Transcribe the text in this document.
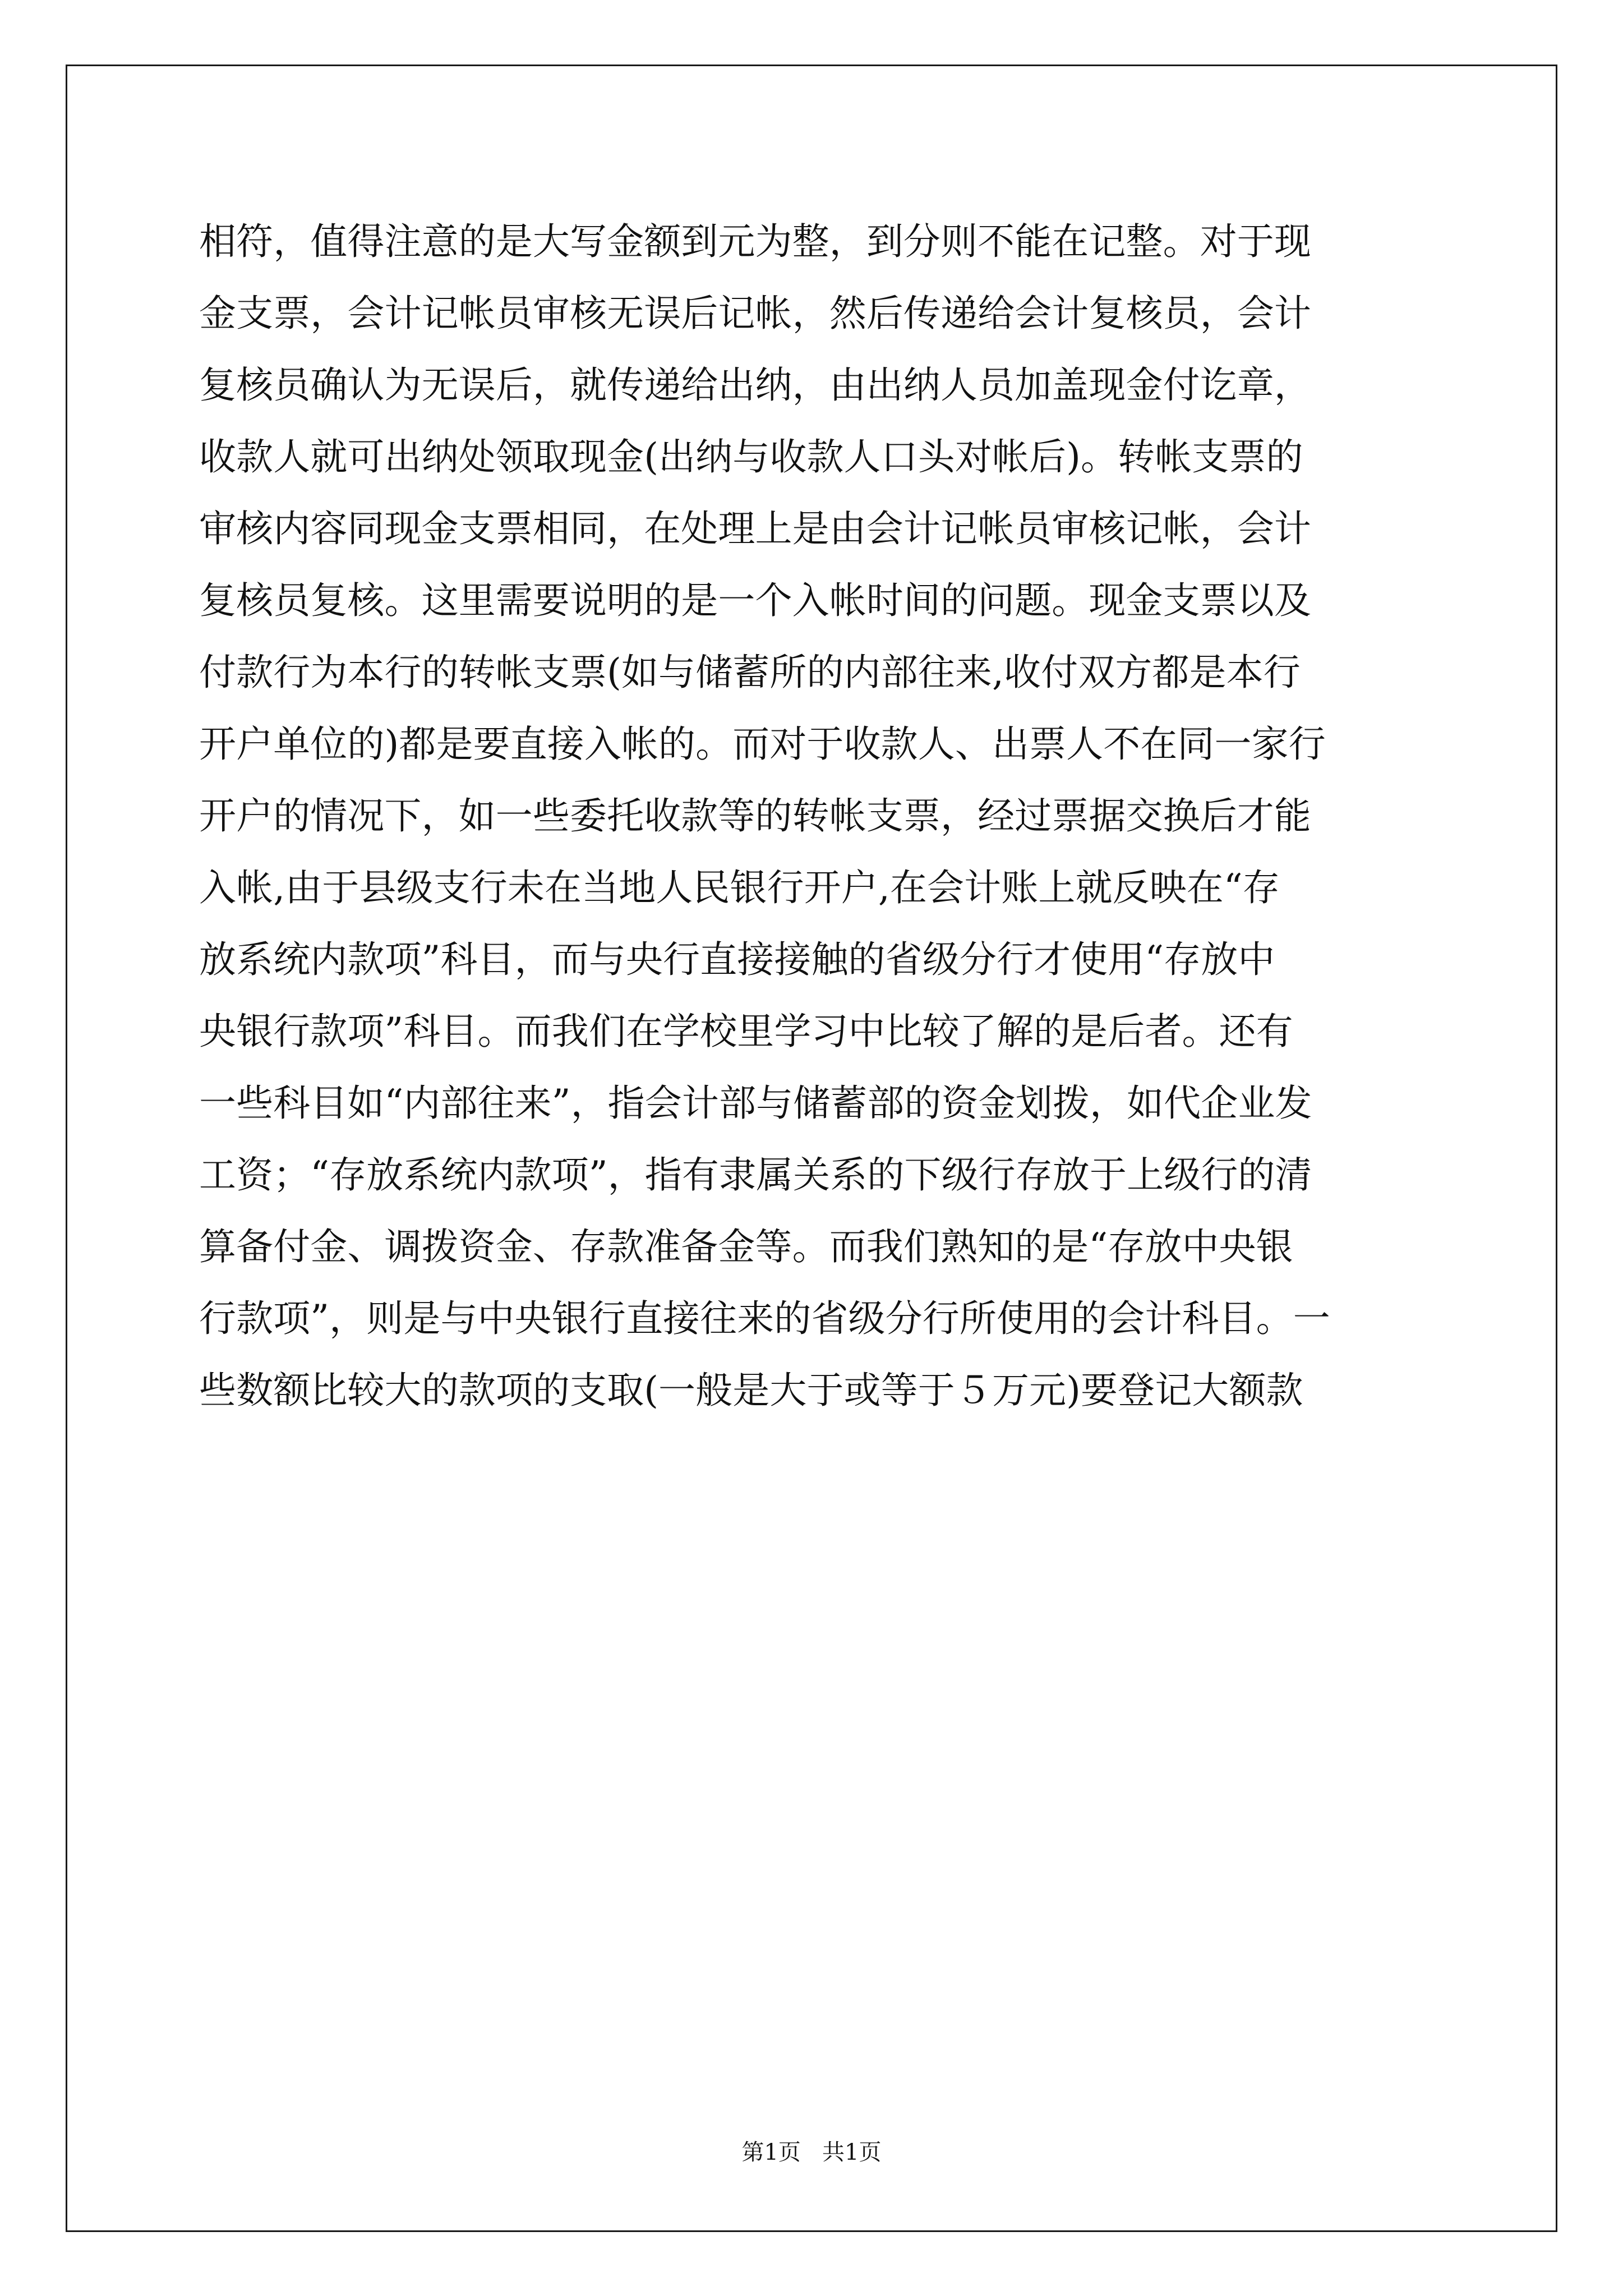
相符，值得注意的是大写金额到元为整，到分则不能在记整。对于现
金支票，会计记帐员审核无误后记帐，然后传递给会计复核员，会计
复核员确认为无误后，就传递给出纳，由出纳人员加盖现金付讫章，
收款人就可出纳处领取现金(出纳与收款人口头对帐后)。转帐支票的
审核内容同现金支票相同，在处理上是由会计记帐员审核记帐，会计
复核员复核。这里需要说明的是一个入帐时间的问题。现金支票以及
付款行为本行的转帐支票(如与储蓄所的内部往来,收付双方都是本行
开户单位的)都是要直接入帐的。而对于收款人、出票人不在同一家行
开户的情况下，如一些委托收款等的转帐支票，经过票据交换后才能
入帐,由于县级支行未在当地人民银行开户,在会计账上就反映在“存
放系统内款项”科目，而与央行直接接触的省级分行才使用“存放中
央银行款项”科目。而我们在学校里学习中比较了解的是后者。还有
一些科目如“内部往来”，指会计部与储蓄部的资金划拨，如代企业发
工资；“存放系统内款项”，指有隶属关系的下级行存放于上级行的清
算备付金、调拨资金、存款准备金等。而我们熟知的是“存放中央银
行款项”，则是与中央银行直接往来的省级分行所使用的会计科目。一
些数额比较大的款项的支取(一般是大于或等于５万元)要登记大额款
第1页   共1页
